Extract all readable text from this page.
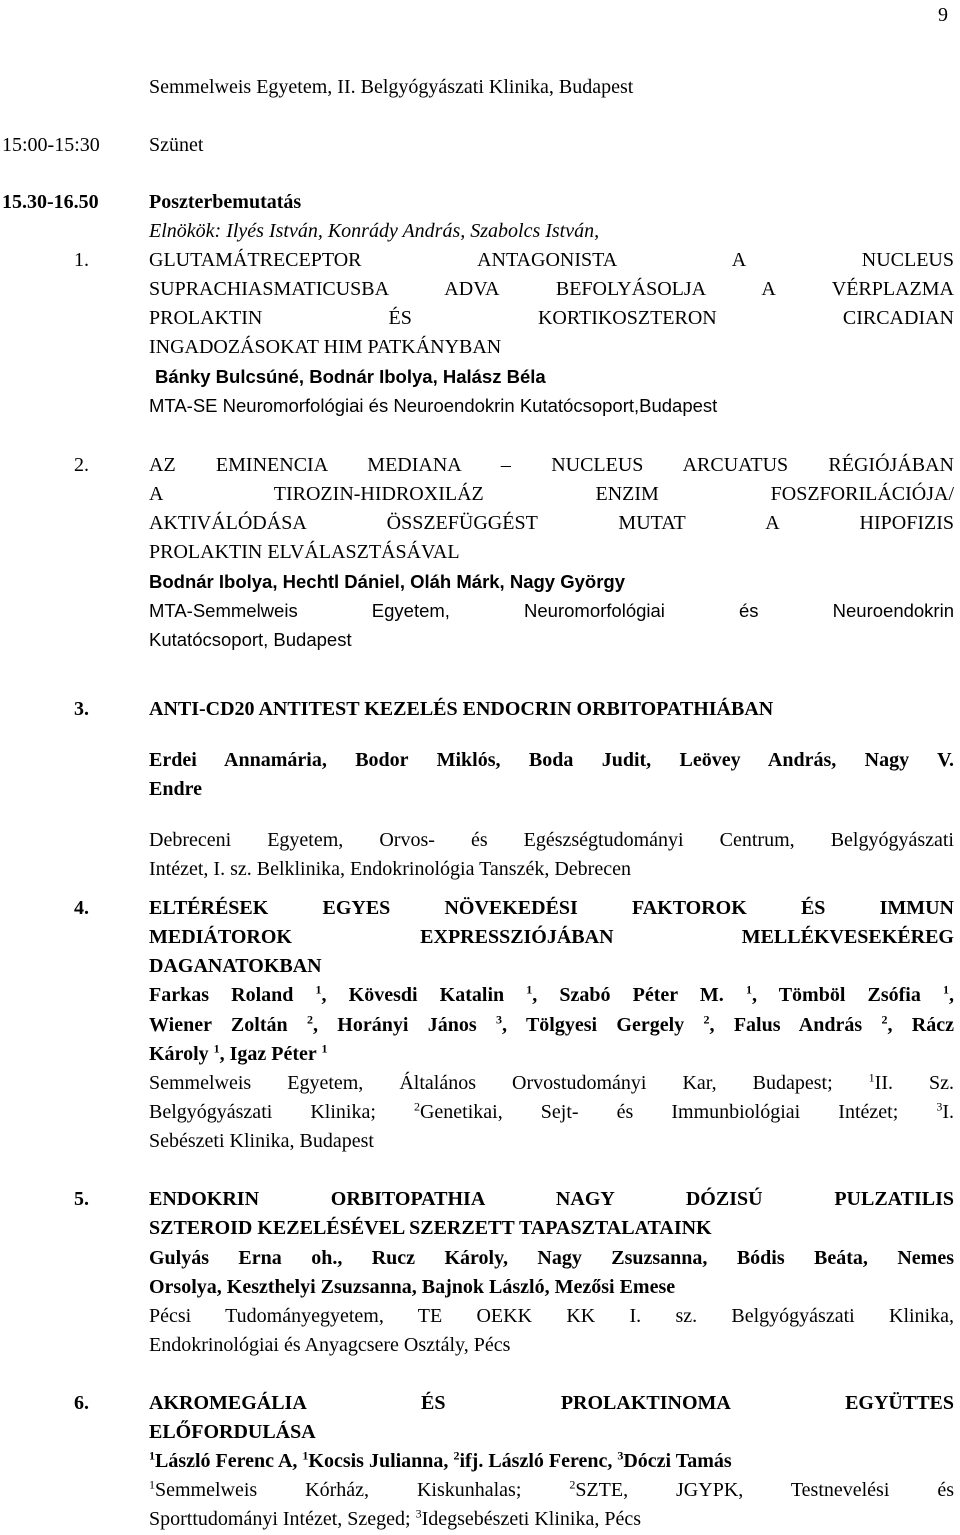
9
Semmelweis Egyetem, II. Belgyógyászati Klinika, Budapest
15:00-15:30 Szünet
15.30-16.50	Poszterbemutatás
Elnökök: Ilyés István, Konrády András, Szabolcs István,
1.	GLUTAMÁTRECEPTOR ANTAGONISTA A NUCLEUS
SUPRACHIASMATICUSBA ADVA BEFOLYÁSOLJA A VÉRPLAZMA
PROLAKTIN ÉS KORTIKOSZTERON CIRCADIAN
INGADOZÁSOKAT HIM PATKÁNYBAN
Bánky Bulcsúné, Bodnár Ibolya, Halász Béla
MTA-SE Neuromorfológiai és Neuroendokrin Kutatócsoport,Budapest
2.	AZ EMINENCIA MEDIANA – NUCLEUS ARCUATUS RÉGIÓJÁBAN
A TIROZIN-HIDROXILÁZ ENZIM FOSZFORILÁCIÓJA/
AKTIVÁLÓDÁSA ÖSSZEFÜGGÉST MUTAT A HIPOFIZIS
PROLAKTIN ELVÁLASZTÁSÁVAL
Bodnár Ibolya, Hechtl Dániel, Oláh Márk, Nagy György
MTA-Semmelweis Egyetem, Neuromorfológiai és Neuroendokrin
Kutatócsoport, Budapest
3.	ANTI-CD20 ANTITEST KEZELÉS ENDOCRIN ORBITOPATHIÁBAN
Erdei Annamária, Bodor Miklós, Boda Judit, Leövey András, Nagy V.
Endre
Debreceni Egyetem, Orvos- és Egészségtudományi Centrum, Belgyógyászati
Intézet, I. sz. Belklinika, Endokrinológia Tanszék, Debrecen
4.	ELTÉRÉSEK EGYES NÖVEKEDÉSI FAKTOROK ÉS IMMUN
MEDIÁTOROK EXPRESSZIÓJÁBAN MELLÉKVESEKÉREG
DAGANATOKBAN
Farkas Roland $^1$, Kövesdi Katalin $^1$, Szabó Péter M. $^1$, Tömböl Zsófia $^1$,
Wiener Zoltán $^2$, Horányi János $^3$, Tölgyesi Gergely $^2$, Falus András $^2$, Rácz
Károly $^1$, Igaz Péter $^1$
Semmelweis Egyetem, Általános Orvostudományi Kar, Budapest; $^1$II. Sz.
Belgyógyászati Klinika; $^2$Genetikai, Sejt- és Immunbiológiai Intézet; $^3$I.
Sebészeti Klinika, Budapest
5.	ENDOKRIN ORBITOPATHIA NAGY DÓZISÚ PULZATILIS
SZTEROID KEZELÉSÉVEL SZERZETT TAPASZTALATAINK
Gulyás Erna oh., Rucz Károly, Nagy Zsuzsanna, Bódis Beáta, Nemes
Orsolya, Keszthelyi Zsuzsanna, Bajnok László, Mezősi Emese
Pécsi Tudományegyetem, TE OEKK KK I. sz. Belgyógyászati Klinika,
Endokrinológiai és Anyagcsere Osztály, Pécs
6.	AKROMEGÁLIA ÉS PROLAKTINOMA EGYÜTTES
ELŐFORDULÁSA
$^1$László Ferenc A, $^1$Kocsis Julianna, $^2$ifj. László Ferenc, $^3$Dóczi Tamás
$^1$Semmelweis Kórház, Kiskunhalas; $^2$SZTE, JGYPK, Testnevelési és
Sporttudományi Intézet, Szeged; $^3$Idegsebészeti Klinika, Pécs
